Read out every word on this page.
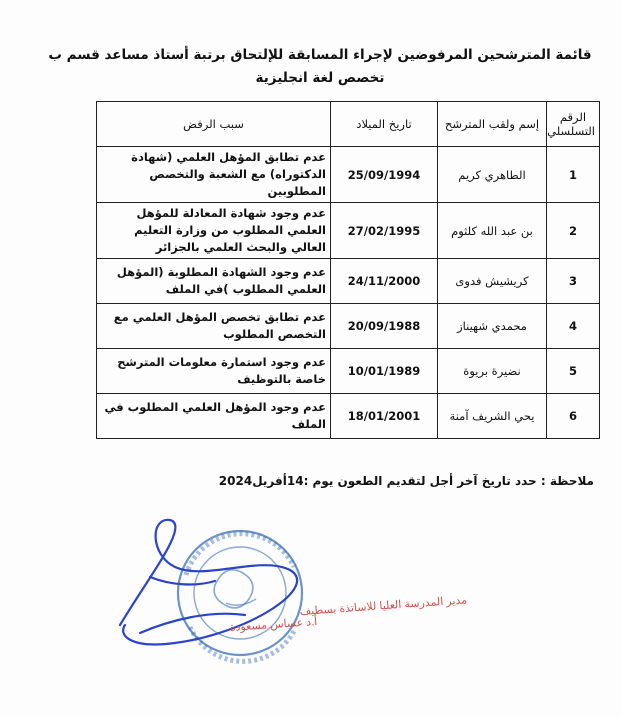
قائمة المترشحين المرفوضين لإجراء المسابقة للإلتحاق برتبة أستاذ مساعد قسم ب تخصص لغة انجليزية
الرقم التسلسلي	إسم ولقب المترشح	تاريخ الميلاد	سبب الرفض
1	الطاهري كريم	25/09/1994	عدم تطابق المؤهل العلمي (شهادة الدكتوراه) مع الشعبة والتخصص المطلوبين
2	بن عبد الله كلثوم	27/02/1995	عدم وجود شهادة المعادلة للمؤهل العلمي المطلوب من وزارة التعليم العالي والبحث العلمي بالجزائر
3	كريشيش فدوى	24/11/2000	عدم وجود الشهادة المطلوبة (المؤهل العلمي المطلوب )في الملف
4	محمدي شهيناز	20/09/1988	عدم تطابق تخصص المؤهل العلمي مع التخصص المطلوب
5	نضيرة بريوة	10/01/1989	عدم وجود استمارة معلومات المترشح خاصة بالتوظيف
6	يحي الشريف آمنة	18/01/2001	عدم وجود المؤهل العلمي المطلوب في الملف
ملاحظة : حدد تاريخ آخر أجل لتقديم الطعون يوم :14أفريل2024
مدير المدرسة العليا للاساتذة بسطيف
أ.د عساس مسعودة
